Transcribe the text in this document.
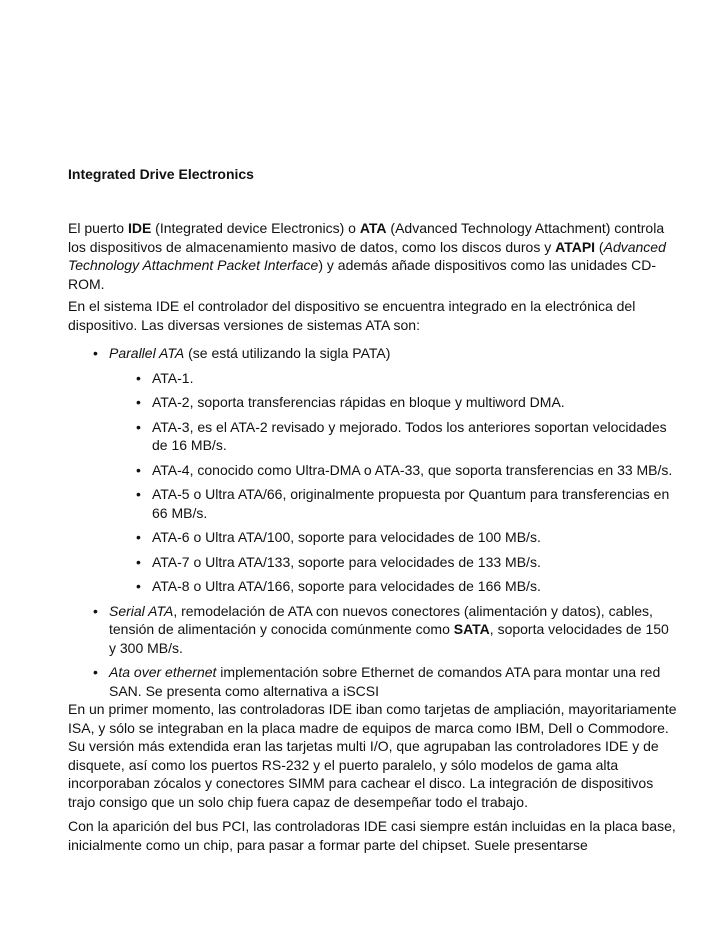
Integrated Drive Electronics

El puerto IDE (Integrated device Electronics) o ATA (Advanced Technology Attachment) controla los dispositivos de almacenamiento masivo de datos, como los discos duros y ATAPI (Advanced Technology Attachment Packet Interface) y además añade dispositivos como las unidades CD-ROM.

En el sistema IDE el controlador del dispositivo se encuentra integrado en la electrónica del dispositivo. Las diversas versiones de sistemas ATA son:

• Parallel ATA (se está utilizando la sigla PATA)
• ATA-1.
• ATA-2, soporta transferencias rápidas en bloque y multiword DMA.
• ATA-3, es el ATA-2 revisado y mejorado. Todos los anteriores soportan velocidades de 16 MB/s.
• ATA-4, conocido como Ultra-DMA o ATA-33, que soporta transferencias en 33 MB/s.
• ATA-5 o Ultra ATA/66, originalmente propuesta por Quantum para transferencias en 66 MB/s.
• ATA-6 o Ultra ATA/100, soporte para velocidades de 100 MB/s.
• ATA-7 o Ultra ATA/133, soporte para velocidades de 133 MB/s.
• ATA-8 o Ultra ATA/166, soporte para velocidades de 166 MB/s.
• Serial ATA, remodelación de ATA con nuevos conectores (alimentación y datos), cables, tensión de alimentación y conocida comúnmente como SATA, soporta velocidades de 150 y 300 MB/s.
• Ata over ethernet implementación sobre Ethernet de comandos ATA para montar una red SAN. Se presenta como alternativa a iSCSI

En un primer momento, las controladoras IDE iban como tarjetas de ampliación, mayoritariamente ISA, y sólo se integraban en la placa madre de equipos de marca como IBM, Dell o Commodore. Su versión más extendida eran las tarjetas multi I/O, que agrupaban las controladores IDE y de disquete, así como los puertos RS-232 y el puerto paralelo, y sólo modelos de gama alta incorporaban zócalos y conectores SIMM para cachear el disco. La integración de dispositivos trajo consigo que un solo chip fuera capaz de desempeñar todo el trabajo.

Con la aparición del bus PCI, las controladoras IDE casi siempre están incluidas en la placa base, inicialmente como un chip, para pasar a formar parte del chipset. Suele presentarse
